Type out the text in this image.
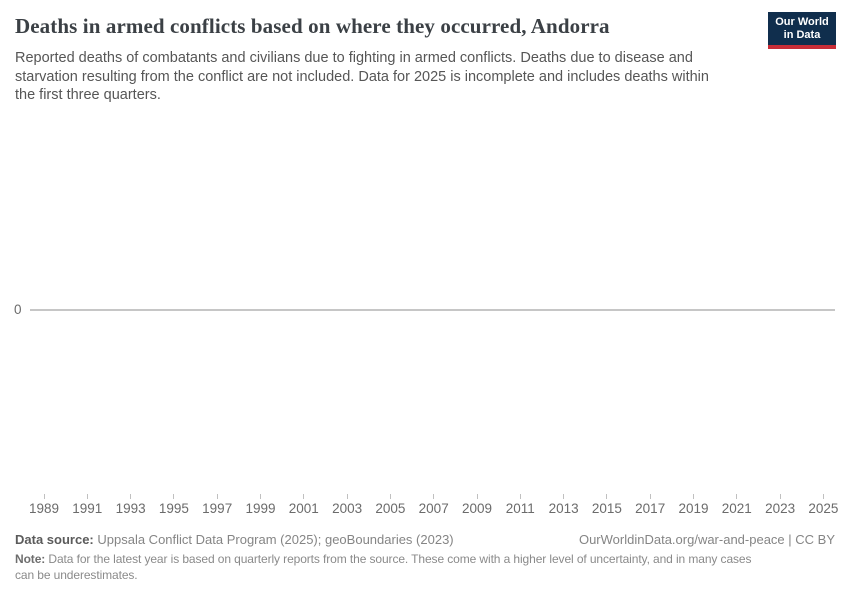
Deaths in armed conflicts based on where they occurred, Andorra
Reported deaths of combatants and civilians due to fighting in armed conflicts. Deaths due to disease and
starvation resulting from the conflict are not included. Data for 2025 is incomplete and includes deaths within
the first three quarters.
Our World
in Data
0
1989 1991 1993 1995 1997 1999 2001 2003 2005 2007 2009 2011 2013 2015 2017 2019 2021 2023 2025
Data source: Uppsala Conflict Data Program (2025); geoBoundaries (2023)	OurWorldinData.org/war-and-peace | CC BY
Note: Data for the latest year is based on quarterly reports from the source. These come with a higher level of uncertainty, and in many cases
can be underestimates.
